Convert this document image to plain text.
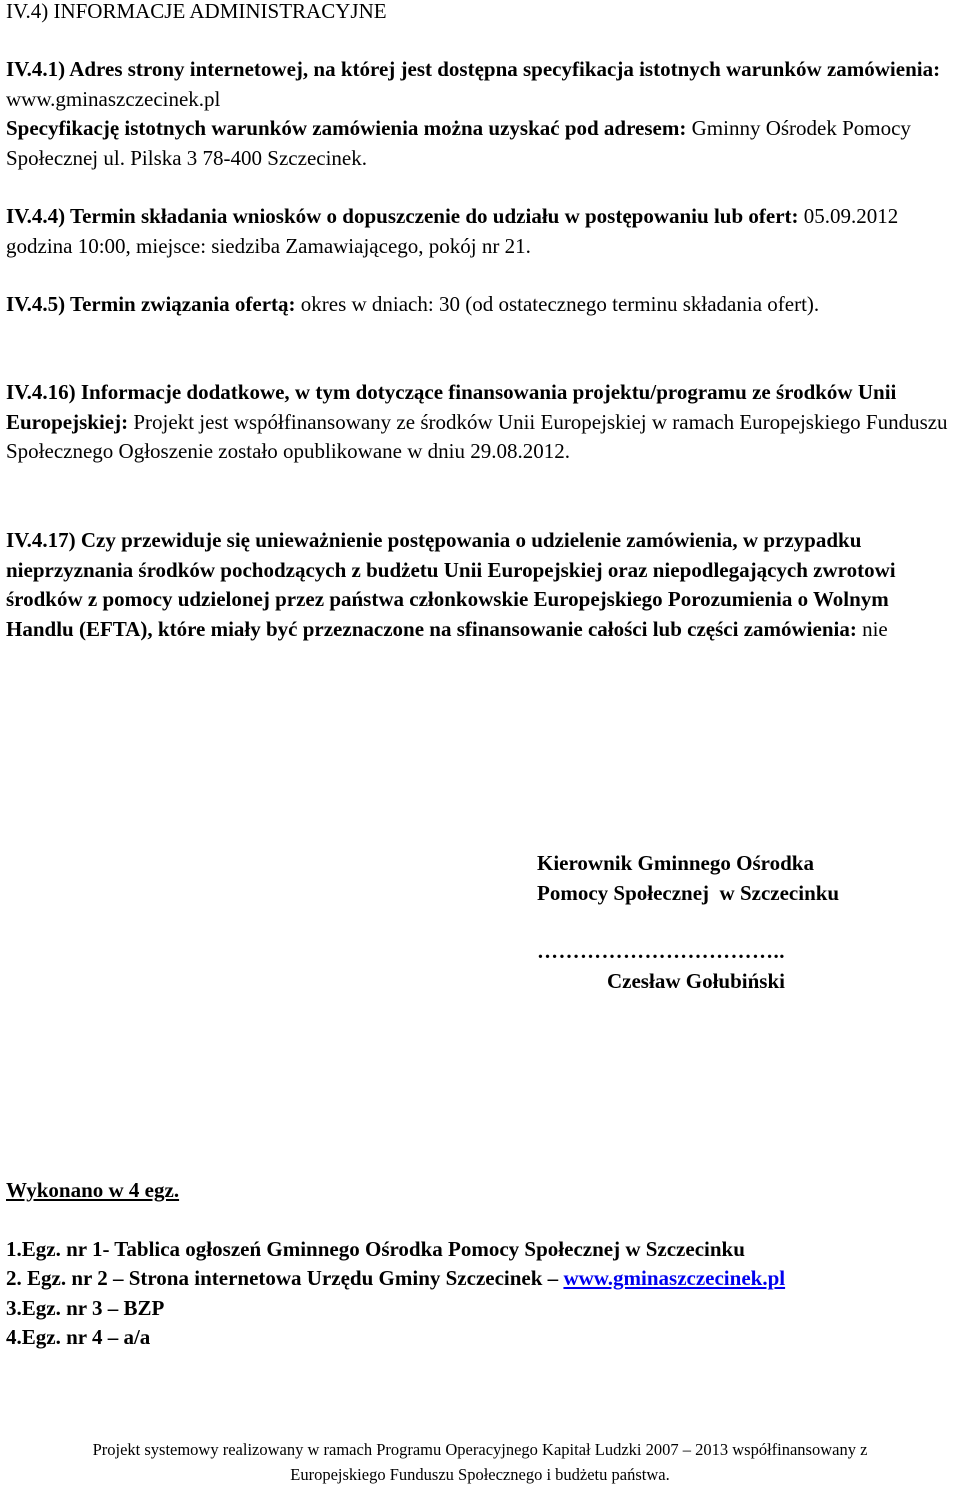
IV.4) INFORMACJE ADMINISTRACYJNE

IV.4.1) Adres strony internetowej, na której jest dostępna specyfikacja istotnych warunków zamówienia: www.gminaszczecinek.pl
Specyfikację istotnych warunków zamówienia można uzyskać pod adresem: Gminny Ośrodek Pomocy Społecznej ul. Pilska 3 78-400 Szczecinek.

IV.4.4) Termin składania wniosków o dopuszczenie do udziału w postępowaniu lub ofert: 05.09.2012 godzina 10:00, miejsce: siedziba Zamawiającego, pokój nr 21.

IV.4.5) Termin związania ofertą: okres w dniach: 30 (od ostatecznego terminu składania ofert).

IV.4.16) Informacje dodatkowe, w tym dotyczące finansowania projektu/programu ze środków Unii Europejskiej: Projekt jest współfinansowany ze środków Unii Europejskiej w ramach Europejskiego Funduszu Społecznego Ogłoszenie zostało opublikowane w dniu 29.08.2012.

IV.4.17) Czy przewiduje się unieważnienie postępowania o udzielenie zamówienia, w przypadku nieprzyznania środków pochodzących z budżetu Unii Europejskiej oraz niepodlegających zwrotowi środków z pomocy udzielonej przez państwa członkowskie Europejskiego Porozumienia o Wolnym Handlu (EFTA), które miały być przeznaczone na sfinansowanie całości lub części zamówienia: nie

Kierownik Gminnego Ośrodka
Pomocy Społecznej  w Szczecinku
……………………………..
Czesław Gołubiński
Wykonano w 4 egz.
1.Egz. nr 1- Tablica ogłoszeń Gminnego Ośrodka Pomocy Społecznej w Szczecinku
2. Egz. nr 2 – Strona internetowa Urzędu Gminy Szczecinek – www.gminaszczecinek.pl
3.Egz. nr 3 – BZP
4.Egz. nr 4 – a/a
Projekt systemowy realizowany w ramach Programu Operacyjnego Kapitał Ludzki 2007 – 2013 współfinansowany z
Europejskiego Funduszu Społecznego i budżetu państwa.
